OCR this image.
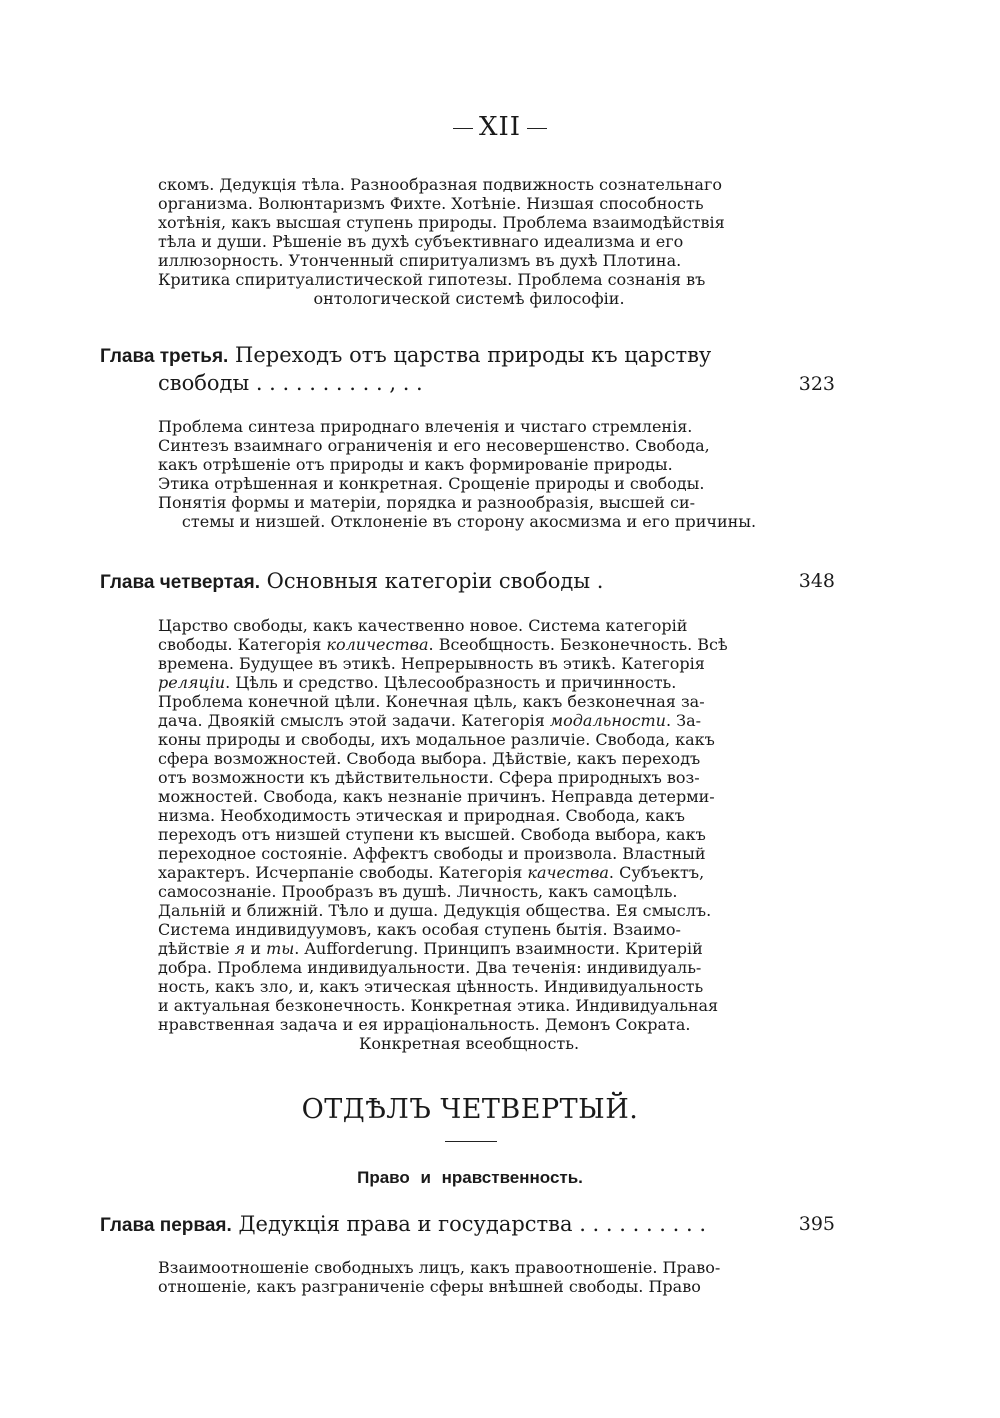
XII
скомъ. Дедукція тѣла. Разнообразная подвижность сознательнаго
организма. Волюнтаризмъ Фихте. Хотѣніе. Низшая способность
хотѣнія, какъ высшая ступень природы. Проблема взаимодѣйствія
тѣла и души. Рѣшеніе въ духѣ субъективнаго идеализма и его
иллюзорность. Утонченный спиритуализмъ въ духѣ Плотина.
Критика спиритуалистической гипотезы. Проблема сознанія въ
онтологической системѣ философіи.
Глава третья. Переходъ отъ царства природы къ царству
свободы . . . . . . . . . . , . .	323
Проблема синтеза природнаго влеченія и чистаго стремленія.
Синтезъ взаимнаго ограниченія и его несовершенство. Свобода,
какъ отрѣшеніе отъ природы и какъ формированіе природы.
Этика отрѣшенная и конкретная. Срощеніе природы и свободы.
Понятія формы и матеріи, порядка и разнообразія, высшей си-
стемы и низшей. Отклоненіе въ сторону акосмизма и его причины.
Глава четвертая. Основныя категоріи свободы .	348
Царство свободы, какъ качественно новое. Система категорій
свободы. Категорія количества. Всеобщность. Безконечность. Всѣ
времена. Будущее въ этикѣ. Непрерывность въ этикѣ. Категорія
реляціи. Цѣль и средство. Цѣлесообразность и причинность.
Проблема конечной цѣли. Конечная цѣль, какъ безконечная за-
дача. Двоякій смыслъ этой задачи. Категорія модальности. За-
коны природы и свободы, ихъ модальное различіе. Свобода, какъ
сфера возможностей. Свобода выбора. Дѣйствіе, какъ переходъ
отъ возможности къ дѣйствительности. Сфера природныхъ воз-
можностей. Свобода, какъ незнаніе причинъ. Неправда детерми-
низма. Необходимость этическая и природная. Свобода, какъ
переходъ отъ низшей ступени къ высшей. Свобода выбора, какъ
переходное состояніе. Аффектъ свободы и произвола. Властный
характеръ. Исчерпаніе свободы. Категорія качества. Субъектъ,
самосознаніе. Прообразъ въ душѣ. Личность, какъ самоцѣль.
Дальній и ближній. Тѣло и душа. Дедукція общества. Ея смыслъ.
Система индивидуумовъ, какъ особая ступень бытія. Взаимо-
дѣйствіе я и ты. Aufforderung. Принципъ взаимности. Критерій
добра. Проблема индивидуальности. Два теченія: индивидуаль-
ность, какъ зло, и, какъ этическая цѣнность. Индивидуальность
и актуальная безконечность. Конкретная этика. Индивидуальная
нравственная задача и ея ирраціональность. Демонъ Сократа.
Конкретная всеобщность.
ОТДѢЛЪ ЧЕТВЕРТЫЙ.
Право и нравственность.
Глава первая. Дедукція права и государства . . . . . . . . . .	395
Взаимоотношеніе свободныхъ лицъ, какъ правоотношеніе. Право-
отношеніе, какъ разграниченіе сферы внѣшней свободы. Право
